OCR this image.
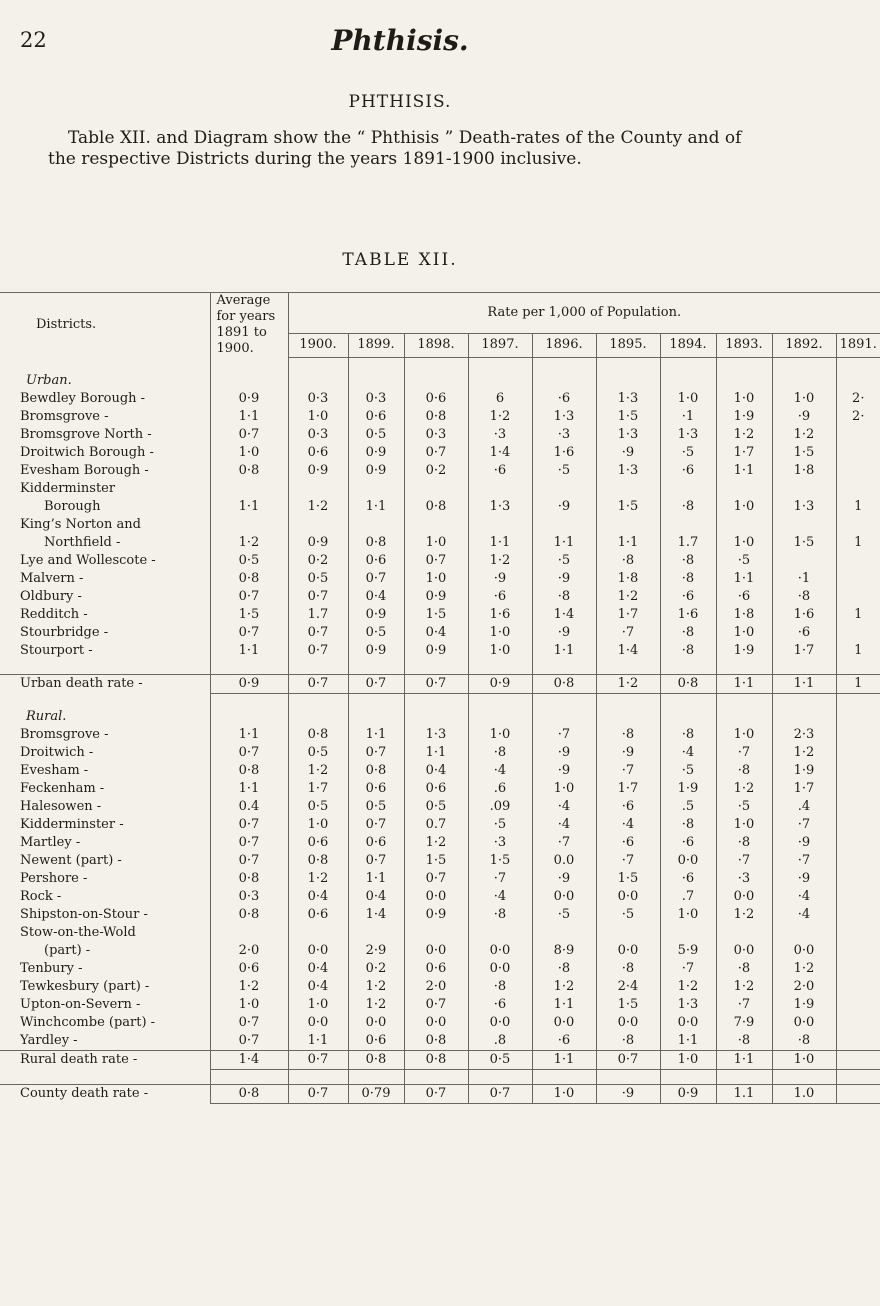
22	Phthisis.
PHTHISIS.
Table XII. and Diagram show the “ Phthisis ” Death-rates of the County and of the respective Districts during the years 1891-1900 inclusive.
TABLE XII.
Districts.	Average
for years
1891 to
1900.	Rate per 1,000 of Population.									
		1900.	1899.	1898.	1897.	1896.	1895.	1894.	1893.	1892.	1891.

Urban.											
Bewdley Borough -	0·9	0·3	0·3	0·6	6	·6	1·3	1·0	1·0	1·0	2·
Bromsgrove -	1·1	1·0	0·6	0·8	1·2	1·3	1·5	·1	1·9	·9	2·
Bromsgrove North -	0·7	0·3	0·5	0·3	·3	·3	1·3	1·3	1·2	1·2	
Droitwich Borough -	1·0	0·6	0·9	0·7	1·4	1·6	·9	·5	1·7	1·5	
Evesham Borough -	0·8	0·9	0·9	0·2	·6	·5	1·3	·6	1·1	1·8	

Kidderminster
Borough	1·1	1·2	1·1	0·8	1·3	·9	1·5	·8	1·0	1·3	1

King’s Norton and
Northfield -	1·2	0·9	0·8	1·0	1·1	1·1	1·1	1.7	1·0	1·5	1
Lye and Wollescote -	0·5	0·2	0·6	0·7	1·2	·5	·8	·8	·5		
Malvern -	0·8	0·5	0·7	1·0	·9	·9	1·8	·8	1·1	·1	
Oldbury -	0·7	0·7	0·4	0·9	·6	·8	1·2	·6	·6	·8	
Redditch -	1·5	1.7	0·9	1·5	1·6	1·4	1·7	1·6	1·8	1·6	1
Stourbridge -	0·7	0·7	0·5	0·4	1·0	·9	·7	·8	1·0	·6	
Stourport -	1·1	0·7	0·9	0·9	1·0	1·1	1·4	·8	1·9	1·7	1

Urban death rate -	0·9	0·7	0·7	0·7	0·9	0·8	1·2	0·8	1·1	1·1	1

Rural.											
Bromsgrove -	1·1	0·8	1·1	1·3	1·0	·7	·8	·8	1·0	2·3	
Droitwich -	0·7	0·5	0·7	1·1	·8	·9	·9	·4	·7	1·2	
Evesham -	0·8	1·2	0·8	0·4	·4	·9	·7	·5	·8	1·9	
Feckenham -	1·1	1·7	0·6	0·6	.6	1·0	1·7	1·9	1·2	1·7	
Halesowen -	0.4	0·5	0·5	0·5	.09	·4	·6	.5	·5	.4	
Kidderminster -	0·7	1·0	0·7	0.7	·5	·4	·4	·8	1·0	·7	
Martley -	0·7	0·6	0·6	1·2	·3	·7	·6	·6	·8	·9	
Newent (part) -	0·7	0·8	0·7	1·5	1·5	0.0	·7	0·0	·7	·7	
Pershore -	0·8	1·2	1·1	0·7	·7	·9	1·5	·6	·3	·9	
Rock -	0·3	0·4	0·4	0·0	·4	0·0	0·0	.7	0·0	·4	
Shipston-on-Stour -	0·8	0·6	1·4	0·9	·8	·5	·5	1·0	1·2	·4	

Stow-on-the-Wold
(part) -	2·0	0·0	2·9	0·0	0·0	8·9	0·0	5·9	0·0	0·0	
Tenbury -	0·6	0·4	0·2	0·6	0·0	·8	·8	·7	·8	1·2	
Tewkesbury (part) -	1·2	0·4	1·2	2·0	·8	1·2	2·4	1·2	1·2	2·0	
Upton-on-Severn -	1·0	1·0	1·2	0·7	·6	1·1	1·5	1·3	·7	1·9	
Winchcombe (part) -	0·7	0·0	0·0	0·0	0·0	0·0	0·0	0·0	7·9	0·0	
Yardley -	0·7	1·1	0·6	0·8	.8	·6	·8	1·1	·8	·8	
Rural death rate -	1·4	0·7	0·8	0·8	0·5	1·1	0·7	1·0	1·1	1·0	

County death rate -	0·8	0·7	0·79	0·7	0·7	1·0	·9	0·9	1.1	1.0	
